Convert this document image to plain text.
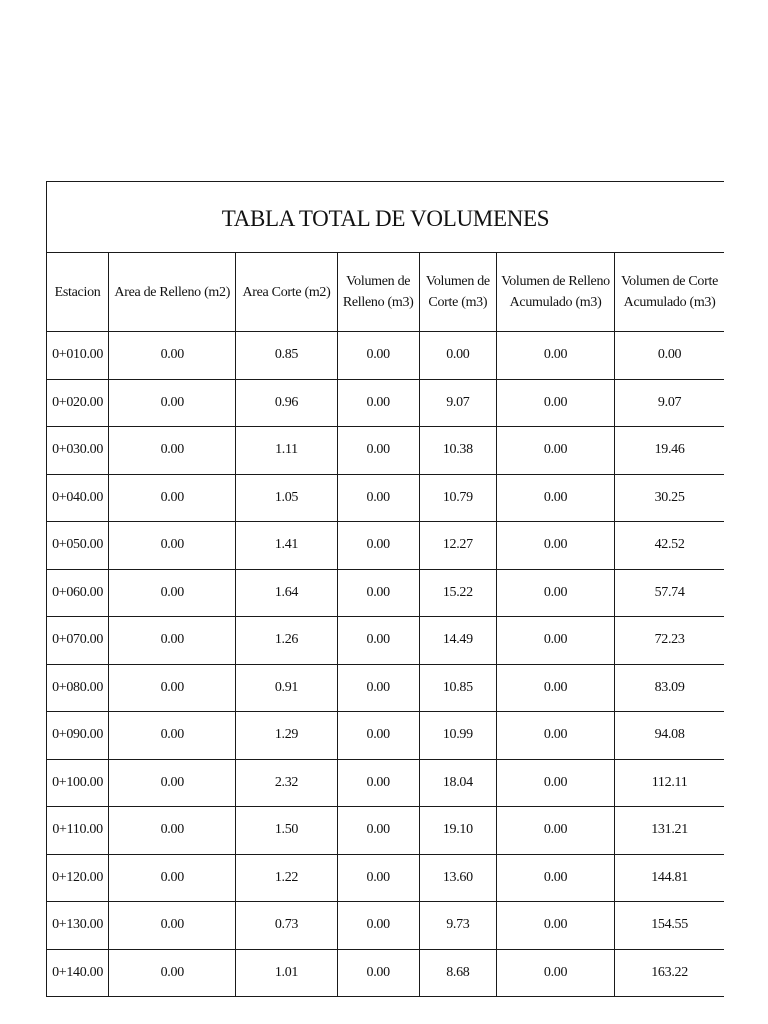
TABLA TOTAL DE VOLUMENES						
Estacion	Area de Relleno (m2)	Area Corte (m2)	Volumen de Relleno (m3)	Volumen de Corte (m3)	Volumen de Relleno Acumulado (m3)	Volumen de Corte Acumulado (m3)
0+010.00	0.00	0.85	0.00	0.00	0.00	0.00
0+020.00	0.00	0.96	0.00	9.07	0.00	9.07
0+030.00	0.00	1.11	0.00	10.38	0.00	19.46
0+040.00	0.00	1.05	0.00	10.79	0.00	30.25
0+050.00	0.00	1.41	0.00	12.27	0.00	42.52
0+060.00	0.00	1.64	0.00	15.22	0.00	57.74
0+070.00	0.00	1.26	0.00	14.49	0.00	72.23
0+080.00	0.00	0.91	0.00	10.85	0.00	83.09
0+090.00	0.00	1.29	0.00	10.99	0.00	94.08
0+100.00	0.00	2.32	0.00	18.04	0.00	112.11
0+110.00	0.00	1.50	0.00	19.10	0.00	131.21
0+120.00	0.00	1.22	0.00	13.60	0.00	144.81
0+130.00	0.00	0.73	0.00	9.73	0.00	154.55
0+140.00	0.00	1.01	0.00	8.68	0.00	163.22
